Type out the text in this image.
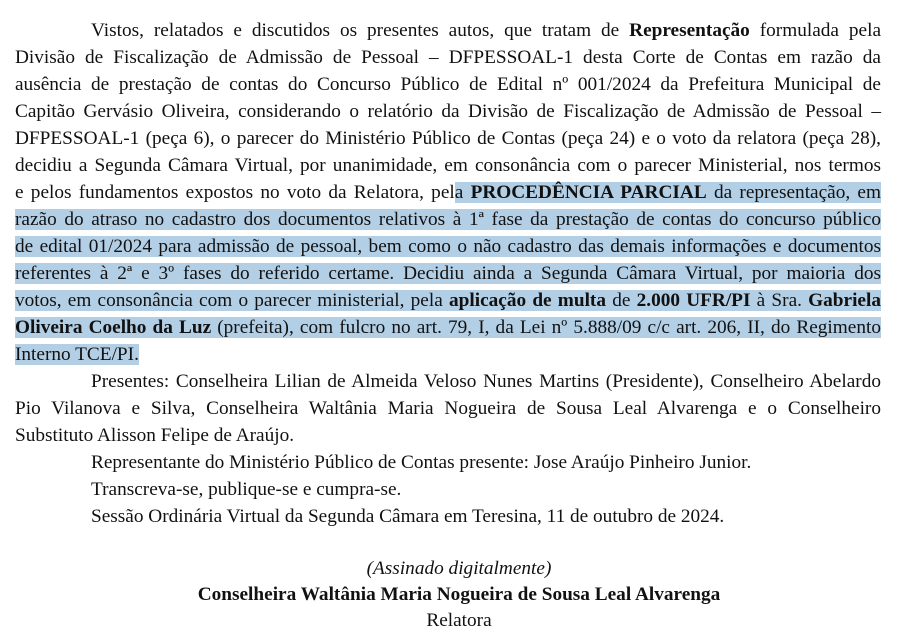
Vistos, relatados e discutidos os presentes autos, que tratam de Representação formulada pela
Divisão de Fiscalização de Admissão de Pessoal – DFPESSOAL-1 desta Corte de Contas em razão da
ausência de prestação de contas do Concurso Público de Edital nº 001/2024 da Prefeitura Municipal de
Capitão Gervásio Oliveira, considerando o relatório da Divisão de Fiscalização de Admissão de Pessoal –
DFPESSOAL-1 (peça 6), o parecer do Ministério Público de Contas (peça 24) e o voto da relatora (peça 28),
decidiu a Segunda Câmara Virtual, por unanimidade, em consonância com o parecer Ministerial, nos termos
e pelos fundamentos expostos no voto da Relatora, pela PROCEDÊNCIA PARCIAL da representação, em
razão do atraso no cadastro dos documentos relativos à 1ª fase da prestação de contas do concurso público
de edital 01/2024 para admissão de pessoal, bem como o não cadastro das demais informações e documentos
referentes à 2ª e 3º fases do referido certame. Decidiu ainda a Segunda Câmara Virtual, por maioria dos
votos, em consonância com o parecer ministerial, pela aplicação de multa de 2.000 UFR/PI à Sra. Gabriela
Oliveira Coelho da Luz (prefeita), com fulcro no art. 79, I, da Lei nº 5.888/09 c/c art. 206, II, do Regimento
Interno TCE/PI.
Presentes: Conselheira Lilian de Almeida Veloso Nunes Martins (Presidente), Conselheiro Abelardo
Pio Vilanova e Silva, Conselheira Waltânia Maria Nogueira de Sousa Leal Alvarenga e o Conselheiro
Substituto Alisson Felipe de Araújo.
Representante do Ministério Público de Contas presente: Jose Araújo Pinheiro Junior.
Transcreva-se, publique-se e cumpra-se.
Sessão Ordinária Virtual da Segunda Câmara em Teresina, 11 de outubro de 2024.
(Assinado digitalmente)
Conselheira Waltânia Maria Nogueira de Sousa Leal Alvarenga
Relatora
